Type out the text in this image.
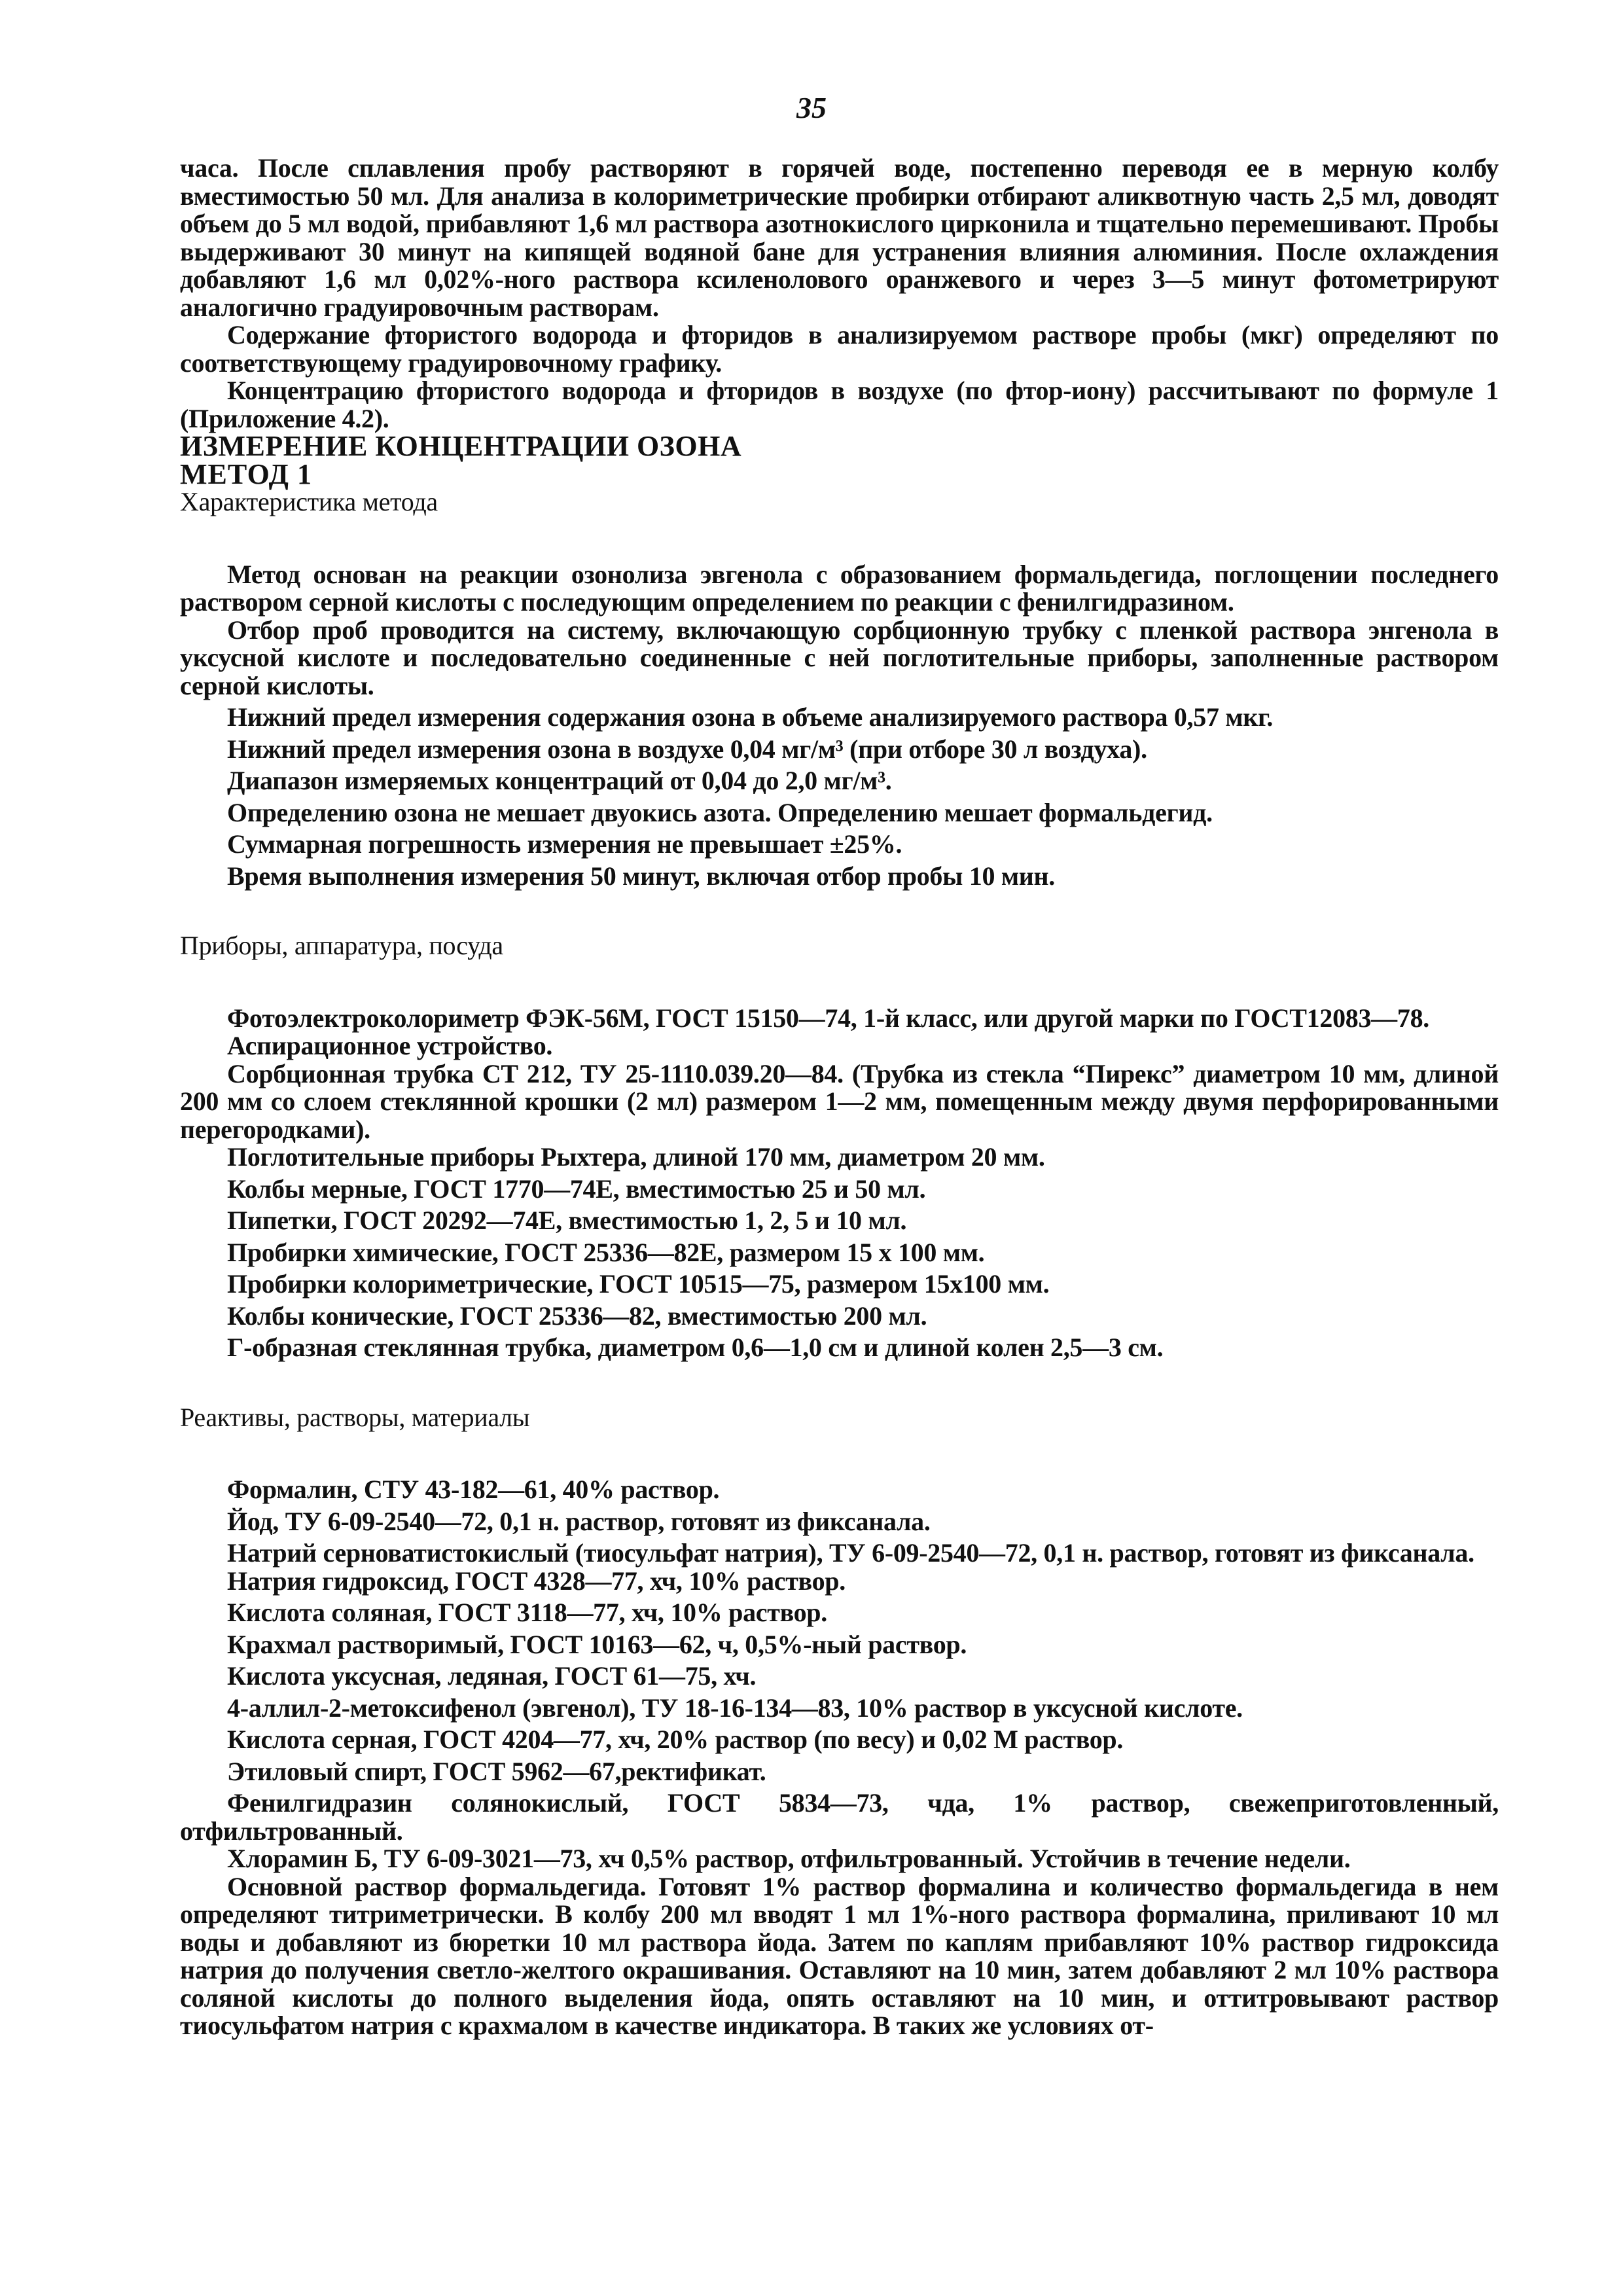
35

часа. После сплавления пробу растворяют в горячей воде, постепенно переводя ее в мерную колбу вместимостью 50 мл. Для анализа в колориметрические пробирки отбирают аликвотную часть 2,5 мл, доводят объем до 5 мл водой, прибавляют 1,6 мл раствора азотнокислого цирконила и тщательно перемешивают. Пробы выдерживают 30 минут на кипящей водяной бане для устранения влияния алюминия. После охлаждения добавляют 1,6 мл 0,02%-ного раствора ксиленолового оранжевого и через 3—5 минут фотометрируют аналогично градуировочным растворам.

Содержание фтористого водорода и фторидов в анализируемом растворе пробы (мкг) определяют по соответствующему градуировочному графику.

Концентрацию фтористого водорода и фторидов в воздухе (по фтор-иону) рассчитывают по формуле 1 (Приложение 4.2).

ИЗМЕРЕНИЕ КОНЦЕНТРАЦИИ ОЗОНА

МЕТОД 1

Характеристика метода

Метод основан на реакции озонолиза эвгенола с образованием формальдегида, поглощении последнего раствором серной кислоты с последующим определением по реакции с фенилгидразином.

Отбор проб проводится на систему, включающую сорбционную трубку с пленкой раствора энгенола в уксусной кислоте и последовательно соединенные с ней поглотительные приборы, заполненные раствором серной кислоты.

Нижний предел измерения содержания озона в объеме анализируемого раствора 0,57 мкг.

Нижний предел измерения озона в воздухе 0,04 мг/м³ (при отборе 30 л воздуха).

Диапазон измеряемых концентраций от 0,04 до 2,0 мг/м³.

Определению озона не мешает двуокись азота. Определению мешает формальдегид.

Суммарная погрешность измерения не превышает ±25%.

Время выполнения измерения 50 минут, включая отбор пробы 10 мин.

Приборы, аппаратура, посуда

Фотоэлектроколориметр ФЭК-56М, ГОСТ 15150—74, 1-й класс, или другой марки по ГОСТ12083—78.

Аспирационное устройство.

Сорбционная трубка СТ 212, ТУ 25-1110.039.20—84. (Трубка из стекла “Пирекс” диаметром 10 мм, длиной 200 мм со слоем стеклянной крошки (2 мл) размером 1—2 мм, помещенным между двумя перфорированными перегородками).

Поглотительные приборы Рыхтера, длиной 170 мм, диаметром 20 мм.

Колбы мерные, ГОСТ 1770—74Е, вместимостью 25 и 50 мл.

Пипетки, ГОСТ 20292—74Е, вместимостью 1, 2, 5 и 10 мл.

Пробирки химические, ГОСТ 25336—82Е, размером 15 х 100 мм.

Пробирки колориметрические, ГОСТ 10515—75, размером 15х100 мм.

Колбы конические, ГОСТ 25336—82, вместимостью 200 мл.

Г-образная стеклянная трубка, диаметром 0,6—1,0 см и длиной колен 2,5—3 см.

Реактивы, растворы, материалы

Формалин, СТУ 43-182—61, 40% раствор.

Йод, ТУ 6-09-2540—72, 0,1 н. раствор, готовят из фиксанала.

Натрий серноватистокислый (тиосульфат натрия), ТУ 6-09-2540—72, 0,1 н. раствор, готовят из фиксанала.

Натрия гидроксид, ГОСТ 4328—77, хч, 10% раствор.

Кислота соляная, ГОСТ 3118—77, хч, 10% раствор.

Крахмал растворимый, ГОСТ 10163—62, ч, 0,5%-ный раствор.

Кислота уксусная, ледяная, ГОСТ 61—75, хч.

4-аллил-2-метоксифенол (эвгенол), ТУ 18-16-134—83, 10% раствор в уксусной кислоте.

Кислота серная, ГОСТ 4204—77, хч, 20% раствор (по весу) и 0,02 М раствор.

Этиловый спирт, ГОСТ 5962—67,ректификат.

Фенилгидразин солянокислый, ГОСТ 5834—73, чда, 1% раствор, свежеприготовленный, отфильтрованный.

Хлорамин Б, ТУ 6-09-3021—73, хч 0,5% раствор, отфильтрованный. Устойчив в течение недели.

Основной раствор формальдегида. Готовят 1% раствор формалина и количество формальдегида в нем определяют титриметрически. В колбу 200 мл вводят 1 мл 1%-ного раствора формалина, приливают 10 мл воды и добавляют из бюретки 10 мл раствора йода. Затем по каплям прибавляют 10% раствор гидроксида натрия до получения светло-желтого окрашивания. Оставляют на 10 мин, затем добавляют 2 мл 10% раствора соляной кислоты до полного выделения йода, опять оставляют на 10 мин, и оттитровывают раствор тиосульфатом натрия с крахмалом в качестве индикатора. В таких же условиях от-
